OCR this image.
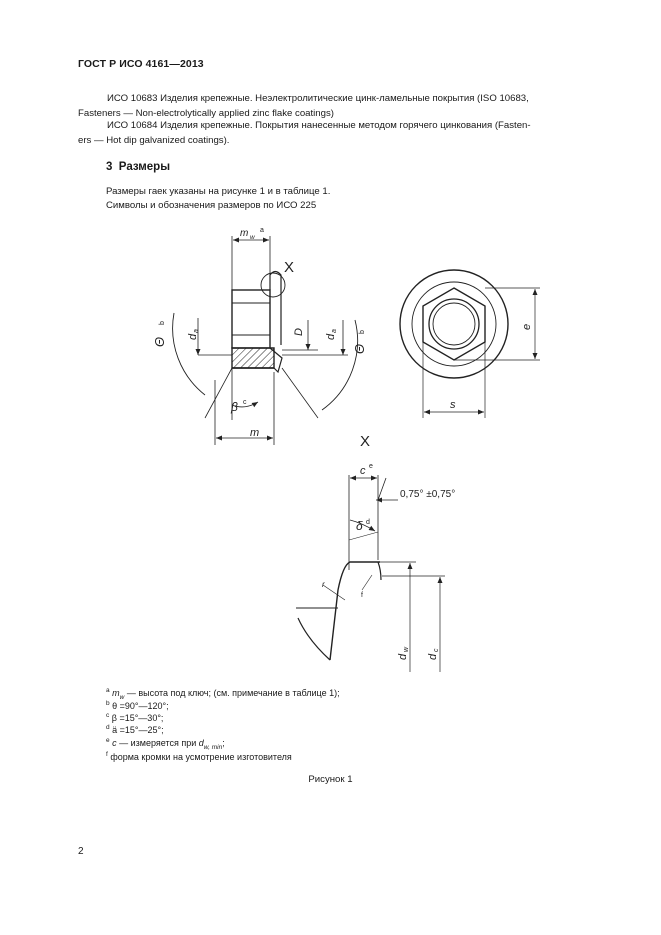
ГОСТ Р ИСО 4161—2013
ИСО 10683 Изделия крепежные. Неэлектролитические цинк-ламельные покрытия (ISO 10683,
Fasteners — Non-electrolytically applied zinc flake coatings)
ИСО 10684 Изделия крепежные. Покрытия нанесенные методом горячего цинкования (Fasten-
ers — Hot dip galvanized coatings).
3 Размеры
Размеры гаек указаны на рисунке 1 и в таблице 1.
Символы и обозначения размеров по ИСО 225
m w
a
X
Θ
b
d
a	D
d
a
Θ
b
β c
m
s
e
X
c e
0,75° ±0,75°
δ d
f
r
d
w
d
c
$^a$ $m_w$ — высота под ключ; (см. примечание в таблице 1);
$^b$ θ =90°—120°;
$^c$ β =15°—30°;
$^d$ ä =15°—25°;
$^e$ c — измеряется при $d_{w, min}$;
$^f$ форма кромки на усмотрение изготовителя
Рисунок 1
2
